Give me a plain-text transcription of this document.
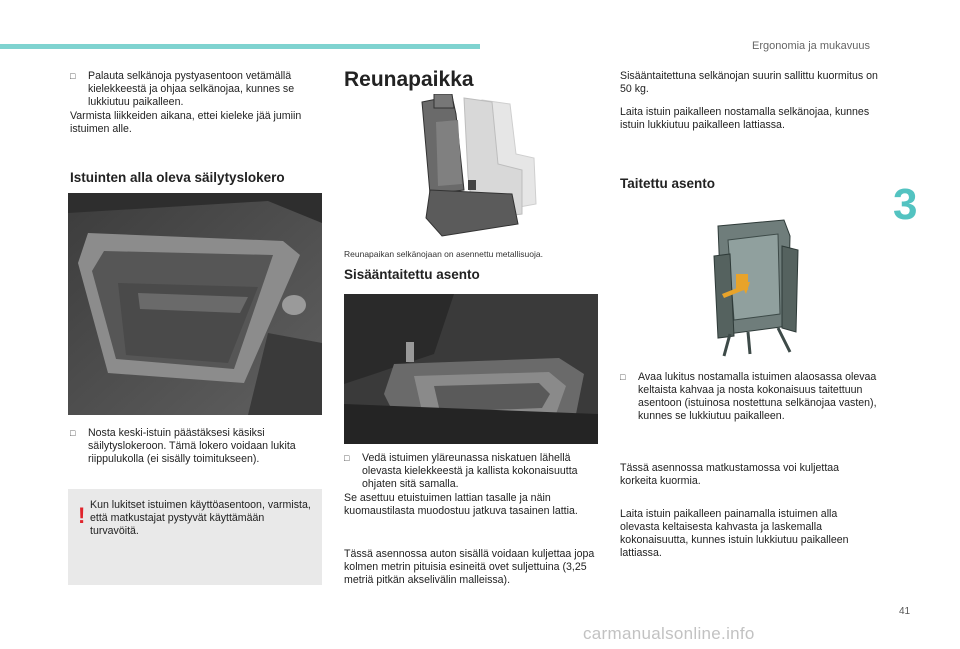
Ergonomia ja mukavuus
3
□	Palauta selkänoja pystyasentoon vetämällä kielekkeestä ja ohjaa selkänojaa, kunnes se lukkiutuu paikalleen.

Varmista liikkeiden aikana, ettei kieleke jää jumiin istuimen alle.

Istuinten alla oleva säilytyslokero
□	Nosta keski-istuin päästäksesi käsiksi säilytyslokeroon. Tämä lokero voidaan lukita riippulukolla (ei sisälly toimitukseen).
! Kun lukitset istuimen käyttöasentoon, varmista, että matkustajat pystyvät käyttämään turvavöitä.

Reunapaikka

Reunapaikan selkänojaan on asennettu metallisuoja.

Sisääntaitettu asento
□	Vedä istuimen yläreunassa niskatuen lähellä olevasta kielekkeestä ja kallista kokonaisuutta ohjaten sitä samalla.

Se asettuu etuistuimen lattian tasalle ja näin kuomaustilasta muodostuu jatkuva tasainen lattia.

Tässä asennossa auton sisällä voidaan kuljettaa jopa kolmen metrin pituisia esineitä ovet suljettuina (3,25 metriä pitkän akselivälin malleissa).

Sisääntaitettuna selkänojan suurin sallittu kuormitus on 50 kg.

Laita istuin paikalleen nostamalla selkänojaa, kunnes istuin lukkiutuu paikalleen lattiassa.

Taitettu asento
□	Avaa lukitus nostamalla istuimen alaosassa olevaa keltaista kahvaa ja nosta kokonaisuus taitettuun asentoon (istuinosa nostettuna selkänojaa vasten), kunnes se lukkiutuu paikalleen.

Tässä asennossa matkustamossa voi kuljettaa korkeita kuormia.

Laita istuin paikalleen painamalla istuimen alla olevasta keltaisesta kahvasta ja laskemalla kokonaisuutta, kunnes istuin lukkiutuu paikalleen lattiassa.

41
carmanualsonline.info
